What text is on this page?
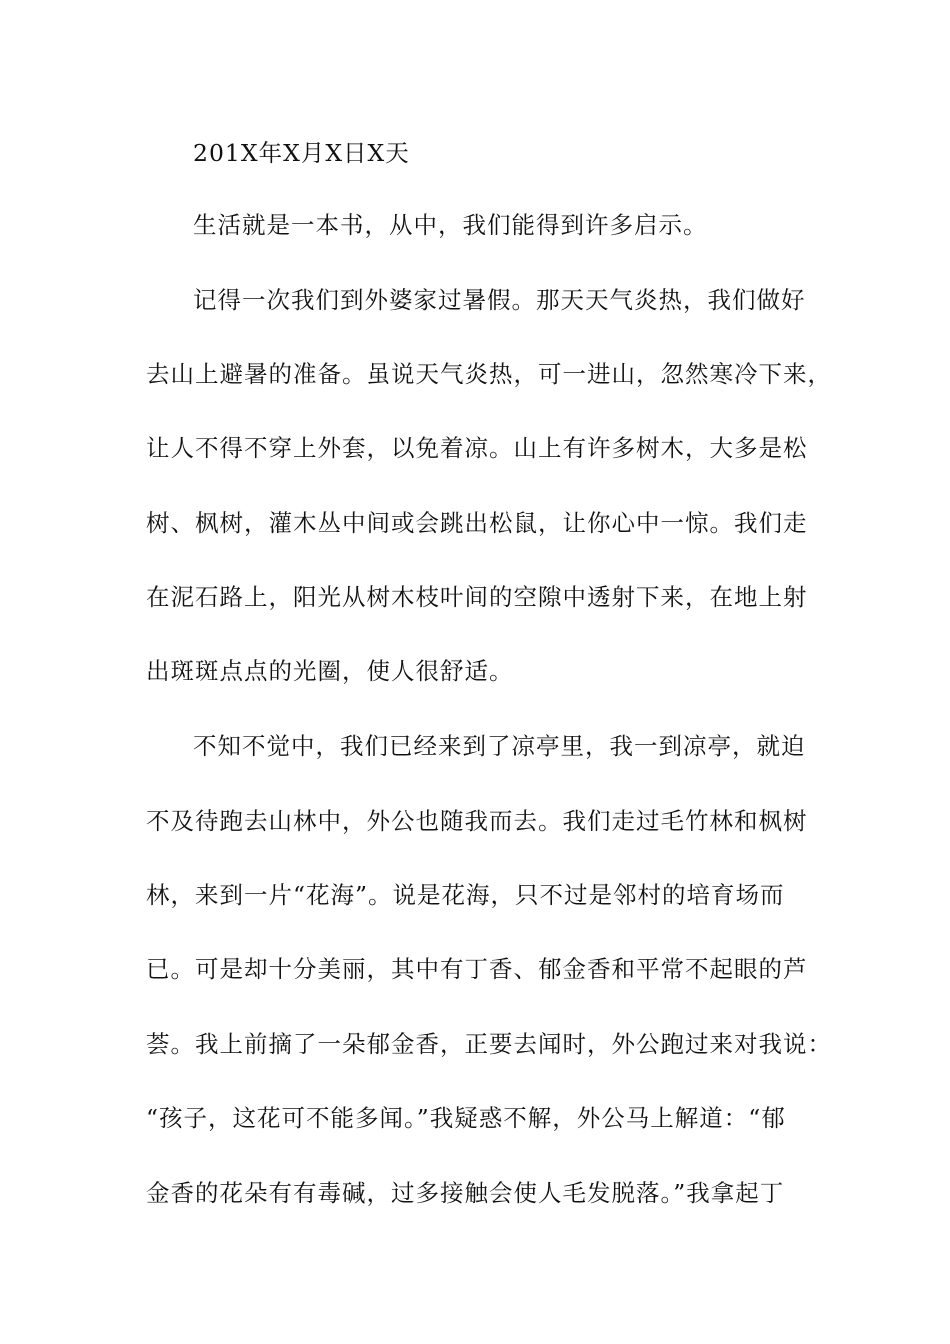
201X年X月X日X天
生活就是一本书，从中，我们能得到许多启示。
记得一次我们到外婆家过暑假。那天天气炎热，我们做好
去山上避暑的准备。虽说天气炎热，可一进山，忽然寒冷下来，
让人不得不穿上外套，以免着凉。山上有许多树木，大多是松
树、枫树，灌木丛中间或会跳出松鼠，让你心中一惊。我们走
在泥石路上，阳光从树木枝叶间的空隙中透射下来，在地上射
出斑斑点点的光圈，使人很舒适。
不知不觉中，我们已经来到了凉亭里，我一到凉亭，就迫
不及待跑去山林中，外公也随我而去。我们走过毛竹林和枫树
林，来到一片“花海”。说是花海，只不过是邻村的培育场而
已。可是却十分美丽，其中有丁香、郁金香和平常不起眼的芦
荟。我上前摘了一朵郁金香，正要去闻时，外公跑过来对我说：
“孩子，这花可不能多闻。”我疑惑不解，外公马上解道：“郁
金香的花朵有有毒碱，过多接触会使人毛发脱落。”我拿起丁
